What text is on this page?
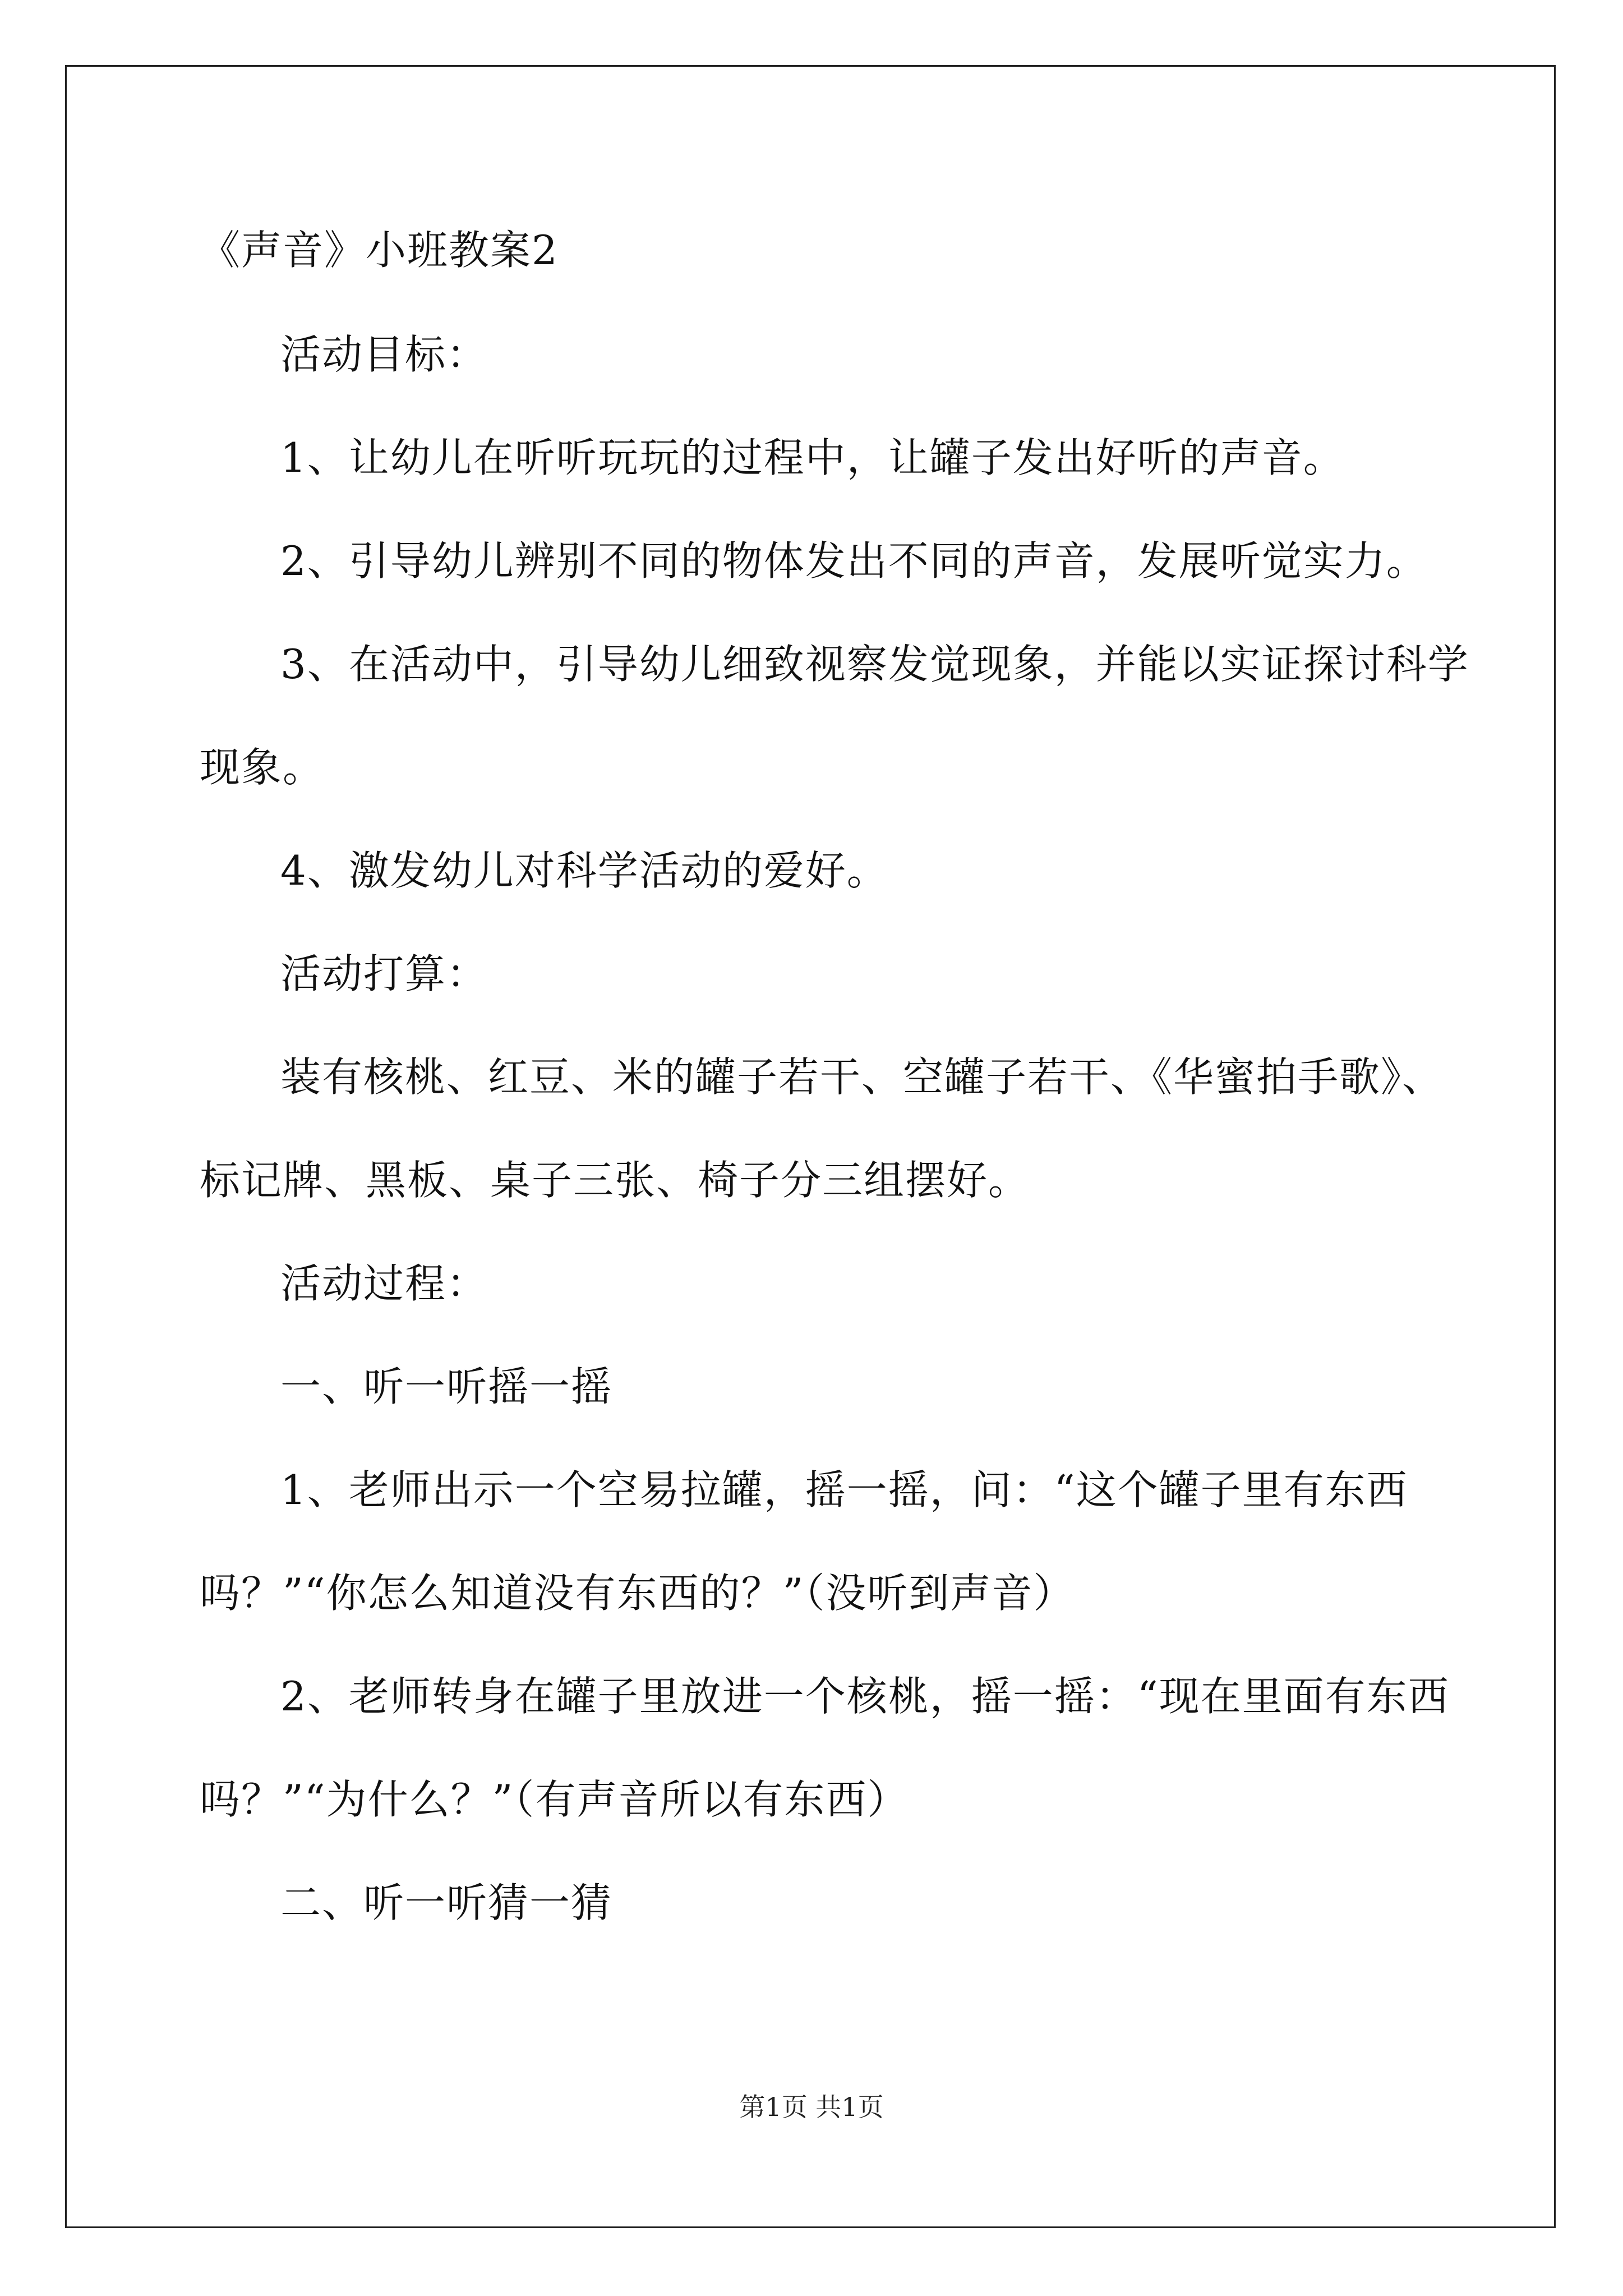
《声音》小班教案2
活动目标：
1、让幼儿在听听玩玩的过程中，让罐子发出好听的声音。
2、引导幼儿辨别不同的物体发出不同的声音，发展听觉实力。
3、在活动中，引导幼儿细致视察发觉现象，并能以实证探讨科学
现象。
4、激发幼儿对科学活动的爱好。
活动打算：
装有核桃、红豆、米的罐子若干、空罐子若干、《华蜜拍手歌》、
标记牌、黑板、桌子三张、椅子分三组摆好。
活动过程：
一、听一听摇一摇
1、老师出示一个空易拉罐，摇一摇，问：“这个罐子里有东西
吗？”“你怎么知道没有东西的？”（没听到声音）
2、老师转身在罐子里放进一个核桃，摇一摇：“现在里面有东西
吗？”“为什么？”（有声音所以有东西）
二、听一听猜一猜
第1页 共1页
